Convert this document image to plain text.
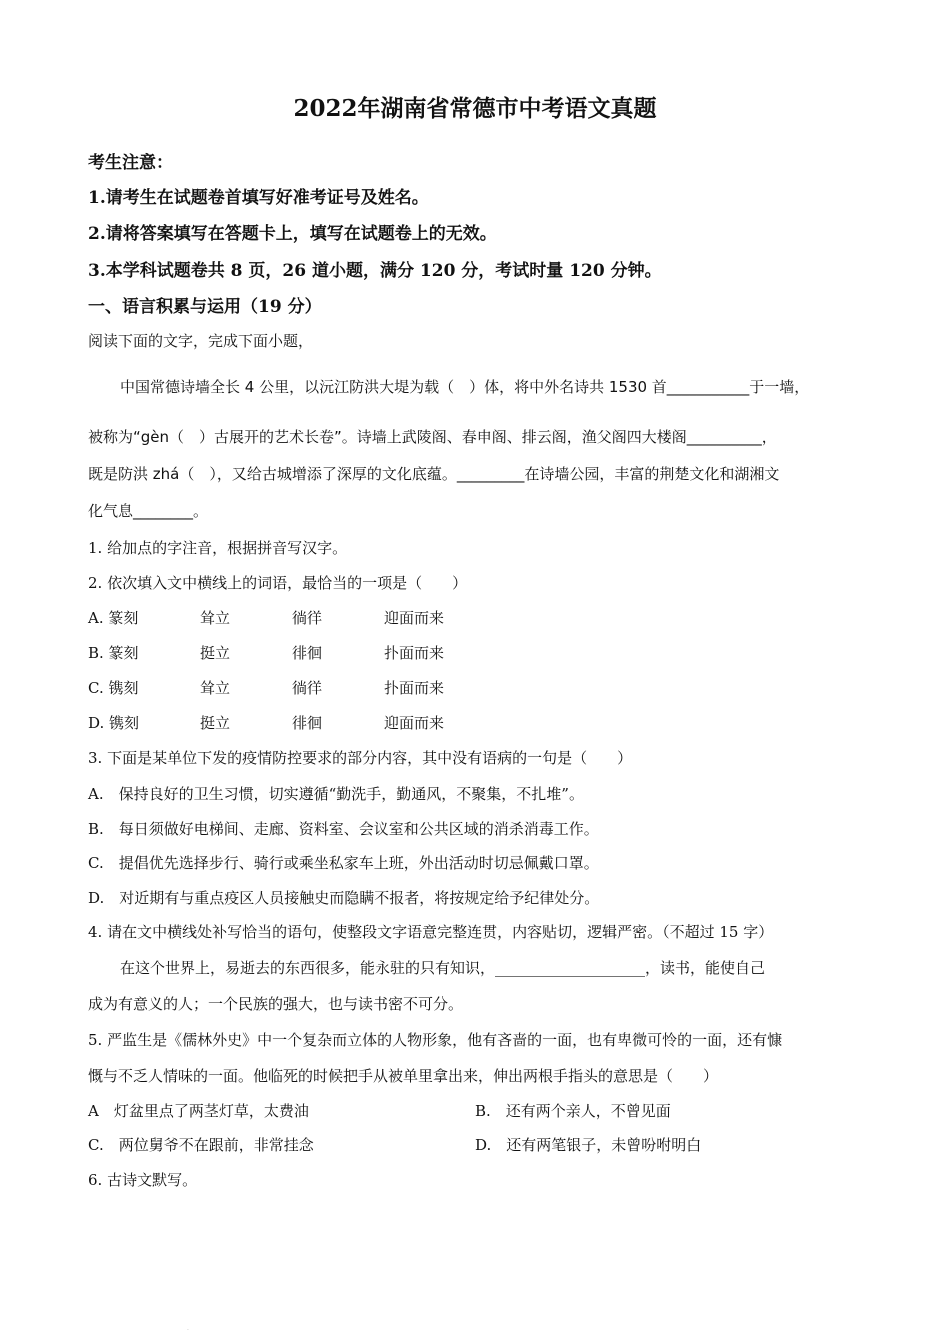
2022年湖南省常德市中考语文真题
考生注意：
1.请考生在试题卷首填写好准考证号及姓名。
2.请将答案填写在答题卡上，填写在试题卷上的无效。
3.本学科试题卷共 8 页，26 道小题，满分 120 分，考试时量 120 分钟。
一、语言积累与运用（19 分）
阅读下面的文字，完成下面小题，
中国常德诗墙全长 4 公里，以沅江防洪大堤为载（　）体，将中外名诗共 1530 首___________于一墙，
被称为“gèn（　）古展开的艺术长卷”。诗墙上武陵阁、春申阁、排云阁，渔父阁四大楼阁__________，
既是防洪 zhá（　），又给古城增添了深厚的文化底蕴。_________在诗墙公园，丰富的荆楚文化和湖湘文
化气息________。
1. 给加点的字注音，根据拼音写汉字。
2. 依次填入文中横线上的词语，最恰当的一项是（　　）
A. 篆刻	耸立	徜徉	迎面而来
B. 篆刻	挺立	徘徊	扑面而来
C. 镌刻	耸立	徜徉	扑面而来
D. 镌刻	挺立	徘徊	迎面而来
3. 下面是某单位下发的疫情防控要求的部分内容，其中没有语病的一句是（　　）
A.　保持良好的卫生习惯，切实遵循“勤洗手，勤通风，不聚集，不扎堆”。
B.　每日须做好电梯间、走廊、资料室、会议室和公共区域的消杀消毒工作。
C.　提倡优先选择步行、骑行或乘坐私家车上班，外出活动时切忌佩戴口罩。
D.　对近期有与重点疫区人员接触史而隐瞒不报者，将按规定给予纪律处分。
4. 请在文中横线处补写恰当的语句，使整段文字语意完整连贯，内容贴切，逻辑严密。（不超过 15 字）
在这个世界上，易逝去的东西很多，能永驻的只有知识，____________________，读书，能使自己
成为有意义的人；一个民族的强大，也与读书密不可分。
5. 严监生是《儒林外史》中一个复杂而立体的人物形象，他有吝啬的一面，也有卑微可怜的一面，还有慷
慨与不乏人情味的一面。他临死的时候把手从被单里拿出来，伸出两根手指头的意思是（　　）
A　灯盆里点了两茎灯草，太费油	B.　还有两个亲人，不曾见面
C.　两位舅爷不在跟前，非常挂念	D.　还有两笔银子，未曾吩咐明白
6. 古诗文默写。
·
